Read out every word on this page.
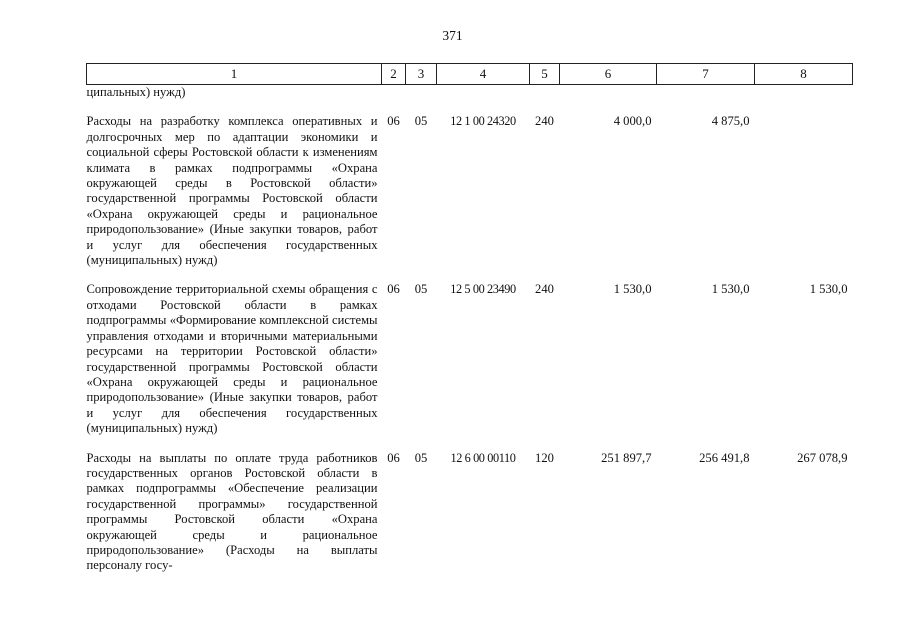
371
1	2	3	4	5	6	7	8
ципальных) нужд)							
Расходы на разработку комплекса оперативных и долгосрочных мер по адаптации экономики и социальной сферы Ростовской области к изменениям климата в рамках подпрограммы «Охрана окружающей среды в Ростовской области» государственной программы Ростовской области «Охрана окружающей среды и рациональное природопользование» (Иные закупки товаров, работ и услуг для обеспечения государственных (муниципальных) нужд)	06	05	12 1 00 24320	240	4 000,0	4 875,0	
Сопровождение территориальной схемы обращения с отходами Ростовской области в рамках подпрограммы «Формирование комплексной системы управления отходами и вторичными материальными ресурсами на территории Ростовской области» государственной программы Ростовской области «Охрана окружающей среды и рациональное природопользование» (Иные закупки товаров, работ и услуг для обеспечения государственных (муниципальных) нужд)	06	05	12 5 00 23490	240	1 530,0	1 530,0	1 530,0
Расходы на выплаты по оплате труда работников государственных органов Ростовской области в рамках подпрограммы «Обеспечение реализации государственной программы» государственной программы Ростовской области «Охрана окружающей среды и рациональное природопользование» (Расходы на выплаты персоналу госу-	06	05	12 6 00 00110	120	251 897,7	256 491,8	267 078,9
